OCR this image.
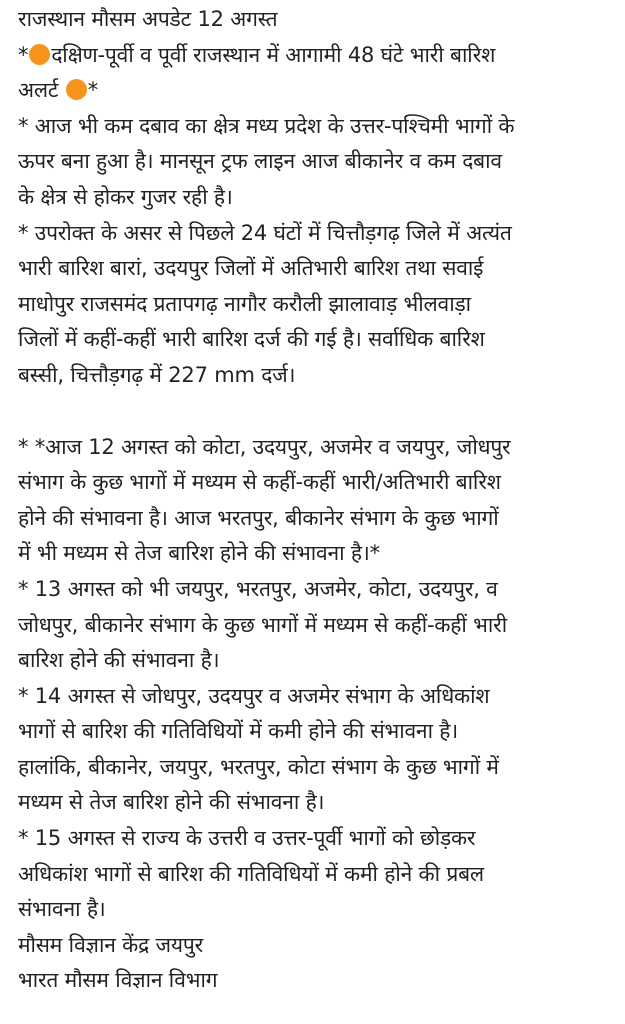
राजस्थान मौसम अपडेट 12 अगस्त
* दक्षिण-पूर्वी व पूर्वी राजस्थान में आगामी 48 घंटे भारी बारिश
अलर्ट *
* आज भी कम दबाव का क्षेत्र मध्य प्रदेश के उत्तर-पश्चिमी भागों के
ऊपर बना हुआ है। मानसून ट्रफ लाइन आज बीकानेर व कम दबाव
के क्षेत्र से होकर गुजर रही है।
* उपरोक्त के असर से पिछले 24 घंटों में चित्तौड़गढ़ जिले में अत्यंत
भारी बारिश बारां, उदयपुर जिलों में अतिभारी बारिश तथा सवाई
माधोपुर राजसमंद प्रतापगढ़ नागौर करौली झालावाड़ भीलवाड़ा
जिलों में कहीं-कहीं भारी बारिश दर्ज की गई है। सर्वाधिक बारिश
बस्सी, चित्तौड़गढ़ में 227 mm दर्ज।
* *आज 12 अगस्त को कोटा, उदयपुर, अजमेर व जयपुर, जोधपुर
संभाग के कुछ भागों में मध्यम से कहीं-कहीं भारी/अतिभारी बारिश
होने की संभावना है। आज भरतपुर, बीकानेर संभाग के कुछ भागों
में भी मध्यम से तेज बारिश होने की संभावना है।*
* 13 अगस्त को भी जयपुर, भरतपुर, अजमेर, कोटा, उदयपुर, व
जोधपुर, बीकानेर संभाग के कुछ भागों में मध्यम से कहीं-कहीं भारी
बारिश होने की संभावना है।
* 14 अगस्त से जोधपुर, उदयपुर व अजमेर संभाग के अधिकांश
भागों से बारिश की गतिविधियों में कमी होने की संभावना है।
हालांकि, बीकानेर, जयपुर, भरतपुर, कोटा संभाग के कुछ भागों में
मध्यम से तेज बारिश होने की संभावना है।
* 15 अगस्त से राज्य के उत्तरी व उत्तर-पूर्वी भागों को छोड़कर
अधिकांश भागों से बारिश की गतिविधियों में कमी होने की प्रबल
संभावना है।
मौसम विज्ञान केंद्र जयपुर
भारत मौसम विज्ञान विभाग
